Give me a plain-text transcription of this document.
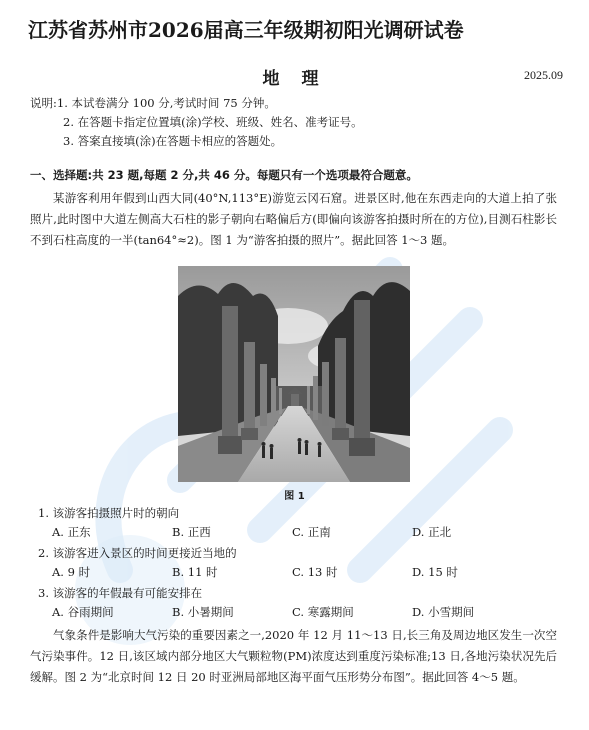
江苏省苏州市2026届高三年级期初阳光调研试卷
地 理	2025.09
说明:1. 本试卷满分 100 分,考试时间 75 分钟。
2. 在答题卡指定位置填(涂)学校、班级、姓名、准考证号。
3. 答案直接填(涂)在答题卡相应的答题处。
一、选择题:共 23 题,每题 2 分,共 46 分。每题只有一个选项最符合题意。
某游客利用年假到山西大同(40°N,113°E)游览云冈石窟。进景区时,他在东西走向的大道上拍了张照片,此时图中大道左侧高大石柱的影子朝向右略偏后方(即偏向该游客拍摄时所在的方位),目测石柱影长不到石柱高度的一半(tan64°≈2)。图 1 为“游客拍摄的照片”。据此回答 1～3 题。
图 1
1. 该游客拍摄照片时的朝向
A. 正东	B. 正西	C. 正南	D. 正北
2. 该游客进入景区的时间更接近当地的
A. 9 时	B. 11 时	C. 13 时	D. 15 时
3. 该游客的年假最有可能安排在
A. 谷雨期间	B. 小暑期间	C. 寒露期间	D. 小雪期间
气象条件是影响大气污染的重要因素之一,2020 年 12 月 11～13 日,长三角及周边地区发生一次空气污染事件。12 日,该区域内部分地区大气颗粒物(PM)浓度达到重度污染标准;13 日,各地污染状况先后缓解。图 2 为“北京时间 12 日 20 时亚洲局部地区海平面气压形势分布图”。据此回答 4～5 题。
